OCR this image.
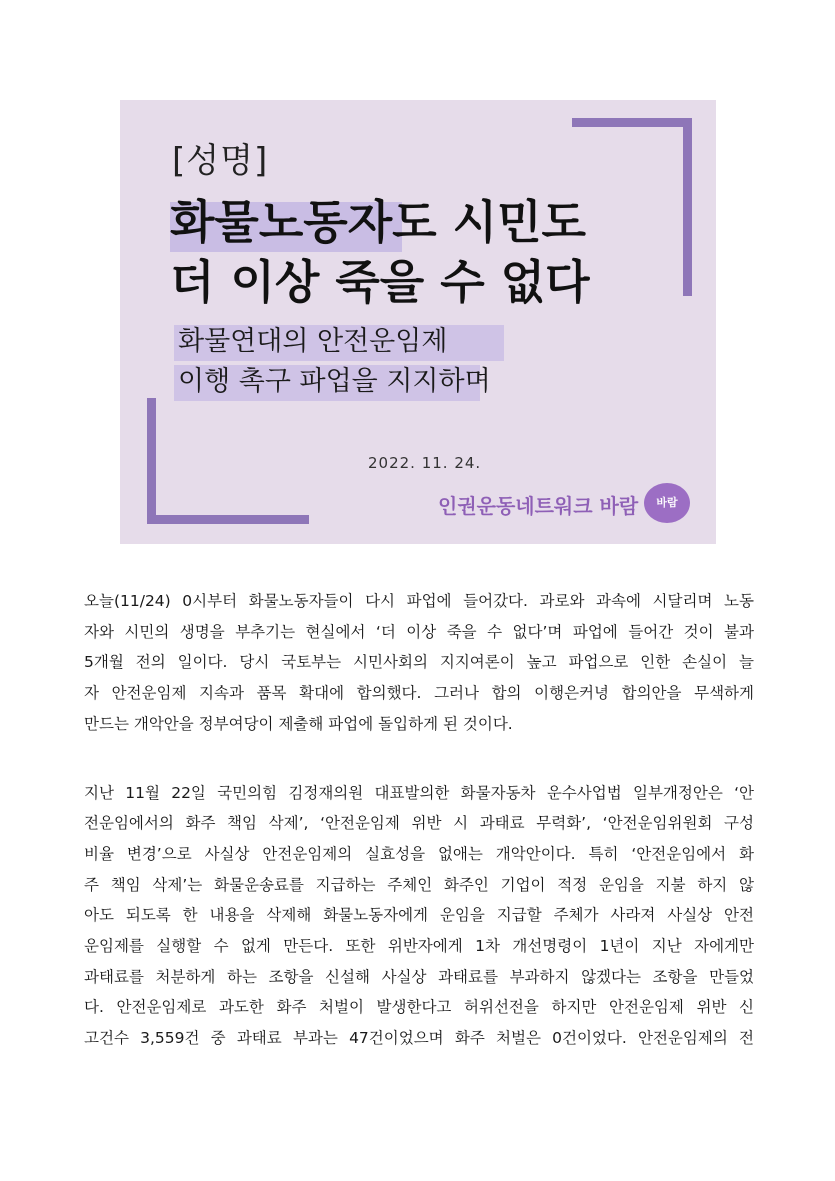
[성명]
화물노동자도 시민도
더 이상 죽을 수 없다
화물연대의 안전운임제
이행 촉구 파업을 지지하며
2022. 11. 24.
인권운동네트워크 바람	바람
오늘(11/24) 0시부터 화물노동자들이 다시 파업에 들어갔다. 과로와 과속에 시달리며 노동
자와 시민의 생명을 부추기는 현실에서 ‘더 이상 죽을 수 없다’며 파업에 들어간 것이 불과
5개월 전의 일이다. 당시 국토부는 시민사회의 지지여론이 높고 파업으로 인한 손실이 늘
자 안전운임제 지속과 품목 확대에 합의했다. 그러나 합의 이행은커녕 합의안을 무색하게
만드는 개악안을 정부여당이 제출해 파업에 돌입하게 된 것이다.
지난 11월 22일 국민의힘 김정재의원 대표발의한 화물자동차 운수사업법 일부개정안은 ‘안
전운임에서의 화주 책임 삭제’, ‘안전운임제 위반 시 과태료 무력화’, ‘안전운임위원회 구성
비율 변경’으로 사실상 안전운임제의 실효성을 없애는 개악안이다. 특히 ‘안전운임에서 화
주 책임 삭제’는 화물운송료를 지급하는 주체인 화주인 기업이 적정 운임을 지불 하지 않
아도 되도록 한 내용을 삭제해 화물노동자에게 운임을 지급할 주체가 사라져 사실상 안전
운임제를 실행할 수 없게 만든다. 또한 위반자에게 1차 개선명령이 1년이 지난 자에게만
과태료를 처분하게 하는 조항을 신설해 사실상 과태료를 부과하지 않겠다는 조항을 만들었
다. 안전운임제로 과도한 화주 처벌이 발생한다고 허위선전을 하지만 안전운임제 위반 신
고건수 3,559건 중 과태료 부과는 47건이었으며 화주 처벌은 0건이었다. 안전운임제의 전
